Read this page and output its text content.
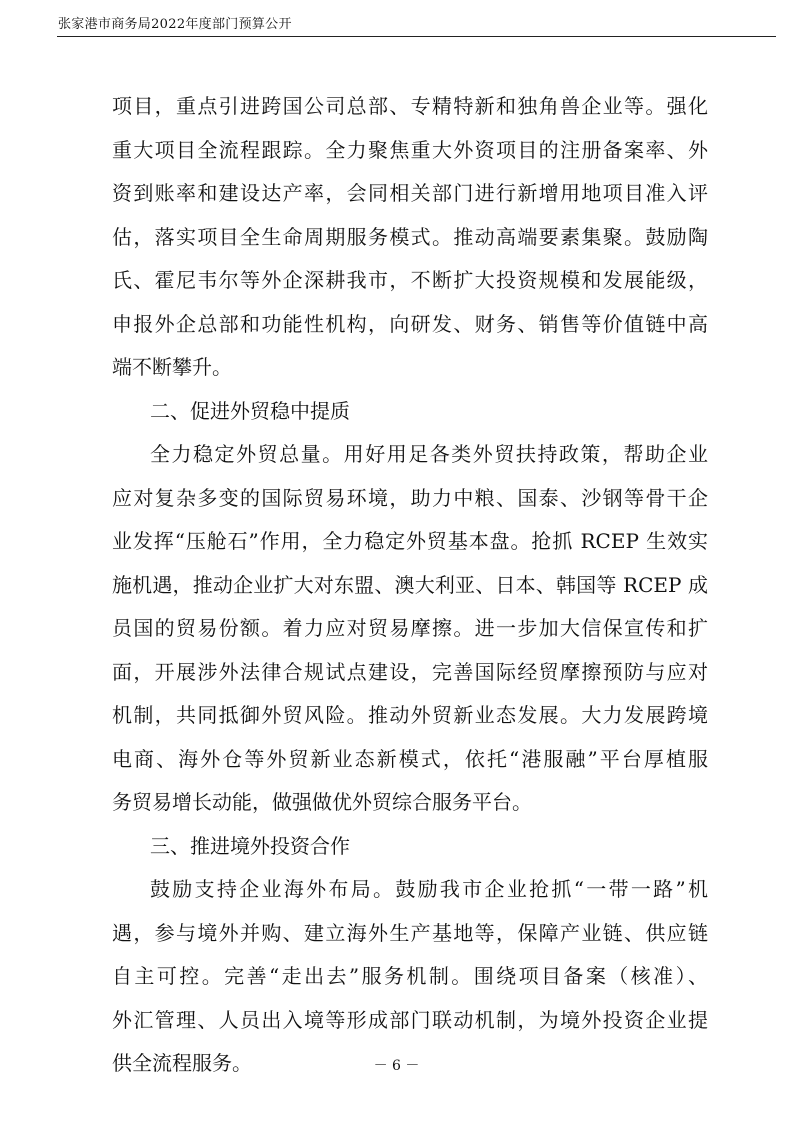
张家港市商务局2022年度部门预算公开
项目，重点引进跨国公司总部、专精特新和独角兽企业等。强化
重大项目全流程跟踪。全力聚焦重大外资项目的注册备案率、外
资到账率和建设达产率，会同相关部门进行新增用地项目准入评
估，落实项目全生命周期服务模式。推动高端要素集聚。鼓励陶
氏、霍尼韦尔等外企深耕我市，不断扩大投资规模和发展能级，
申报外企总部和功能性机构，向研发、财务、销售等价值链中高
端不断攀升。
二、促进外贸稳中提质
全力稳定外贸总量。用好用足各类外贸扶持政策，帮助企业
应对复杂多变的国际贸易环境，助力中粮、国泰、沙钢等骨干企
业发挥“压舱石”作用，全力稳定外贸基本盘。抢抓 RCEP 生效实
施机遇，推动企业扩大对东盟、澳大利亚、日本、韩国等 RCEP 成
员国的贸易份额。着力应对贸易摩擦。进一步加大信保宣传和扩
面，开展涉外法律合规试点建设，完善国际经贸摩擦预防与应对
机制，共同抵御外贸风险。推动外贸新业态发展。大力发展跨境
电商、海外仓等外贸新业态新模式，依托“港服融”平台厚植服
务贸易增长动能，做强做优外贸综合服务平台。
三、推进境外投资合作
鼓励支持企业海外布局。鼓励我市企业抢抓“一带一路”机
遇，参与境外并购、建立海外生产基地等，保障产业链、供应链
自主可控。完善“走出去”服务机制。围绕项目备案（核准）、
外汇管理、人员出入境等形成部门联动机制，为境外投资企业提
供全流程服务。	－ 6 －
